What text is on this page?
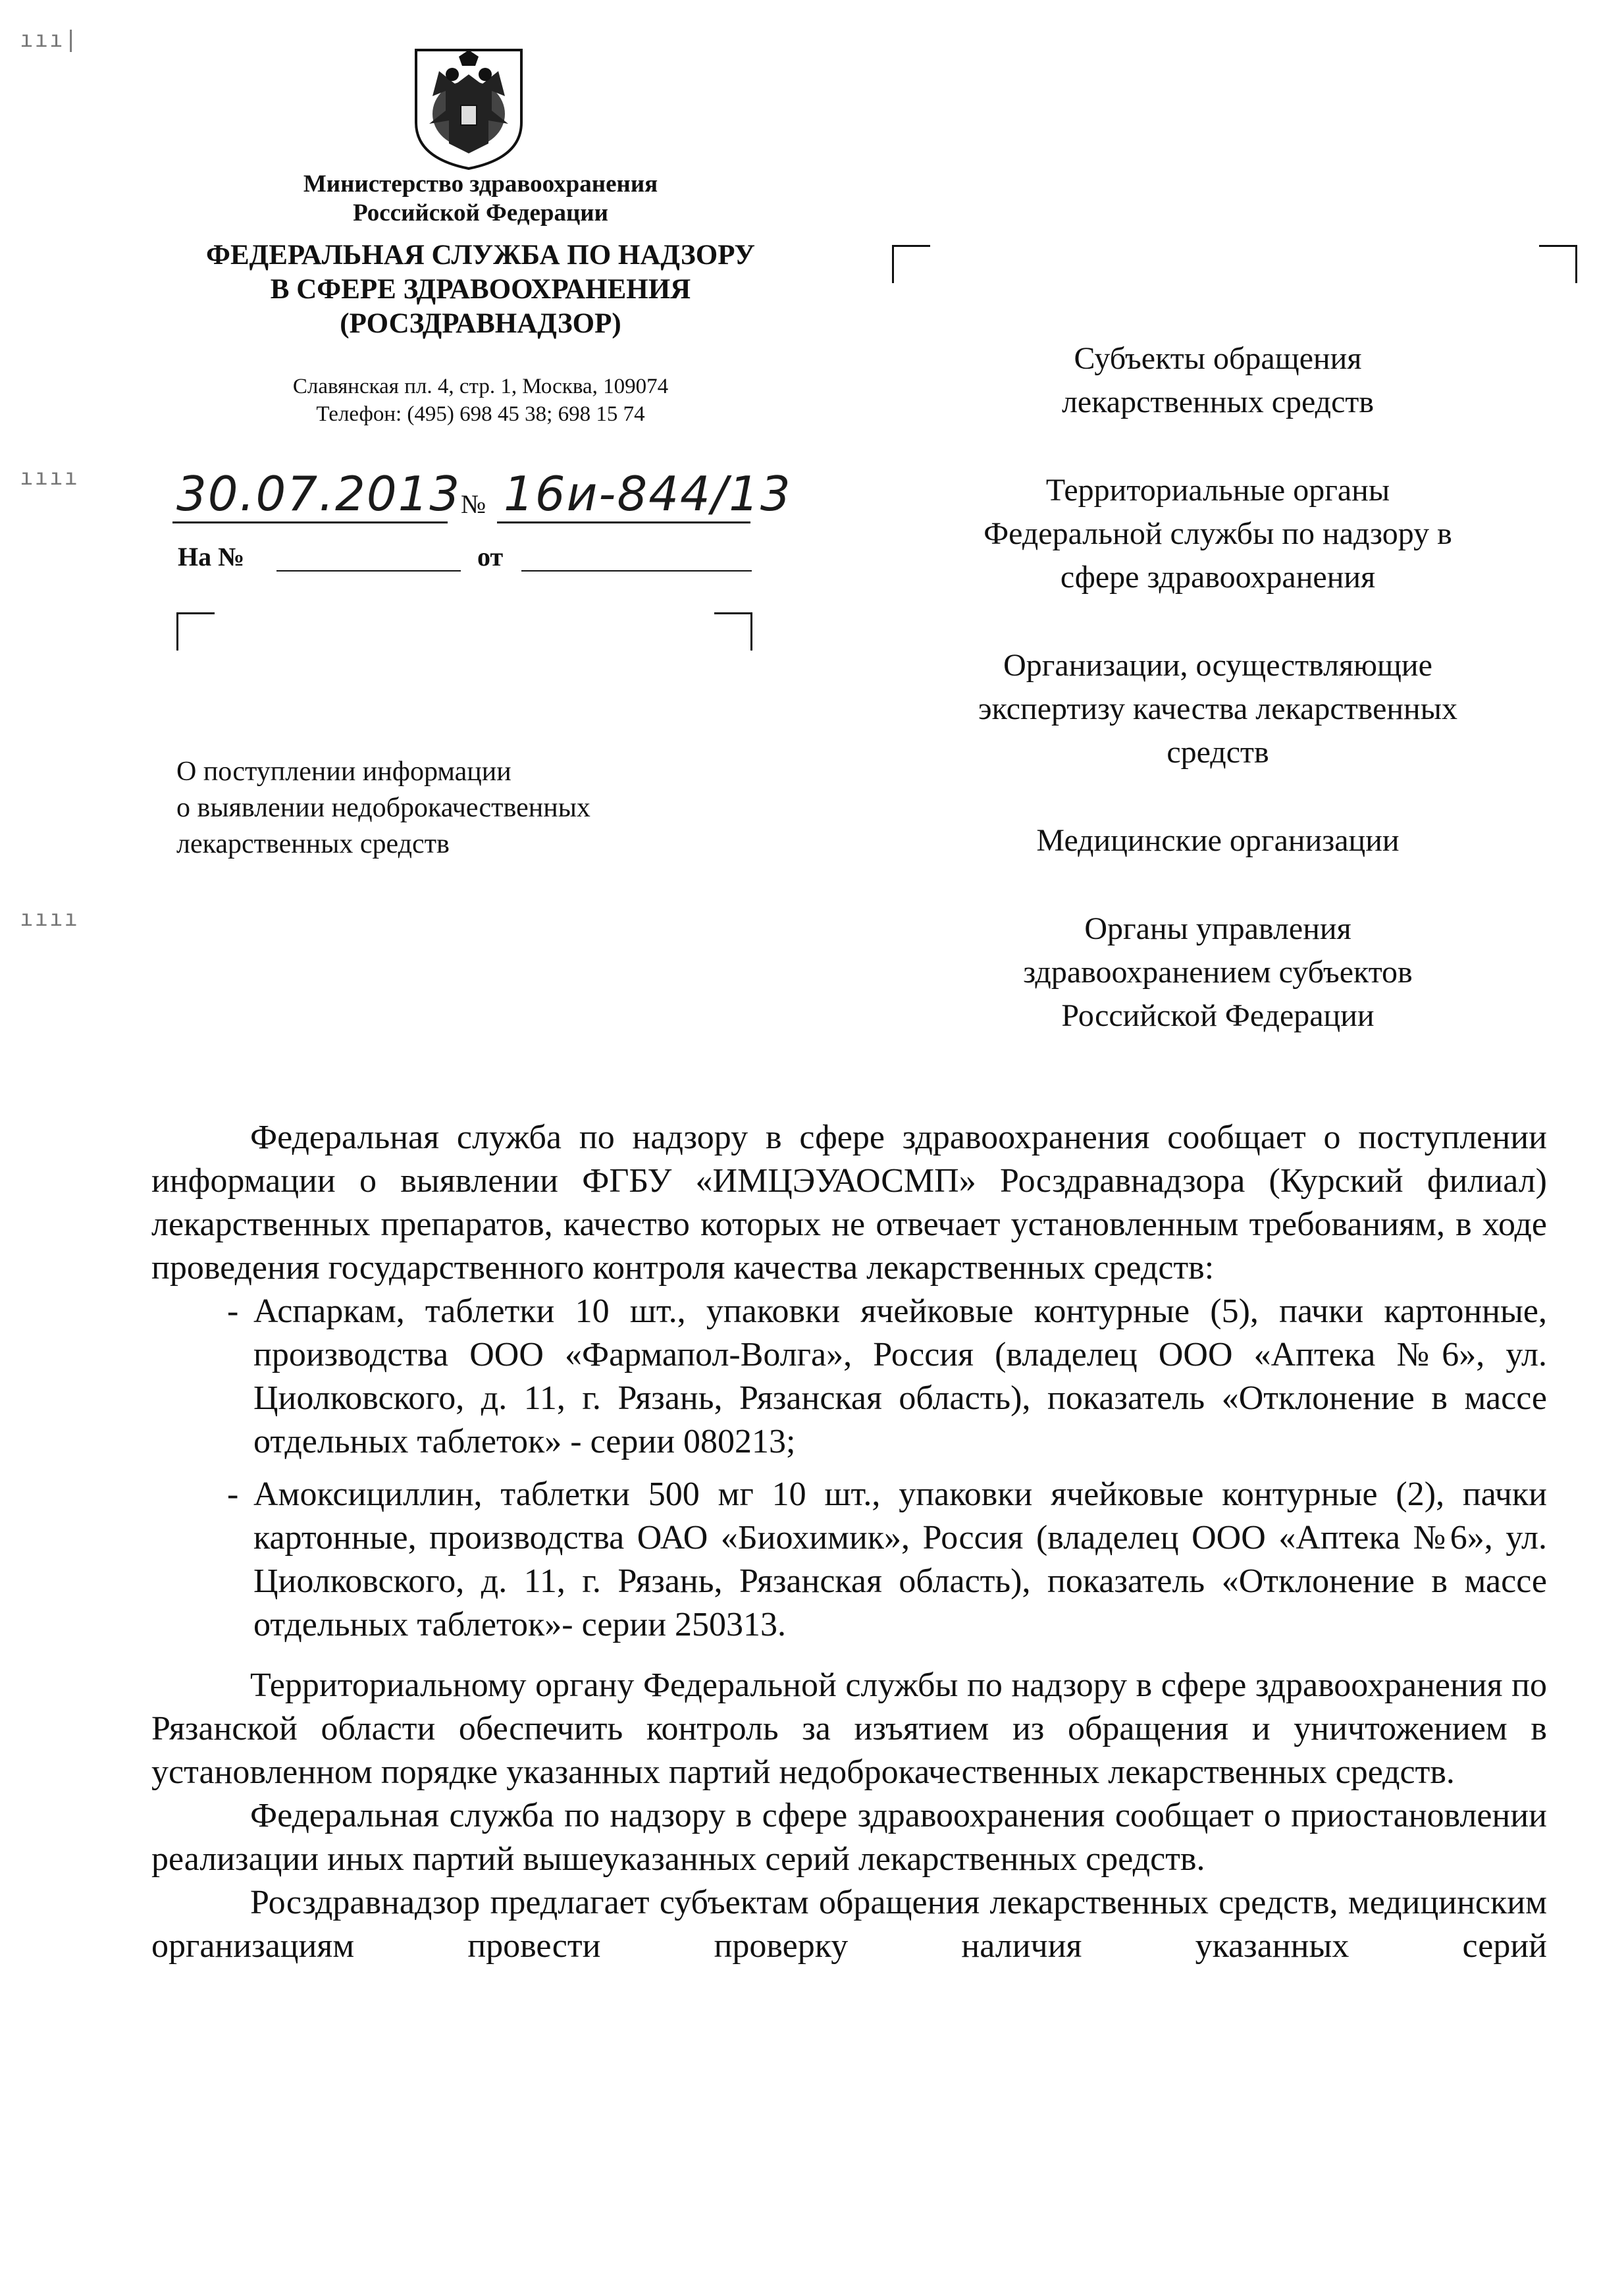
ııı|
ıııı
ıııı
Министерство здравоохранения
Российской Федерации
ФЕДЕРАЛЬНАЯ СЛУЖБА ПО НАДЗОРУ
В СФЕРЕ ЗДРАВООХРАНЕНИЯ
(РОСЗДРАВНАДЗОР)
Славянская пл. 4, стр. 1, Москва, 109074
Телефон: (495) 698 45 38; 698 15 74
30.07.2013 № 16и-844/13
На №	от
О поступлении информации
о выявлении недоброкачественных
лекарственных средств
Субъекты обращения
лекарственных средств
Территориальные органы
Федеральной службы по надзору в
сфере здравоохранения
Организации, осуществляющие
экспертизу качества лекарственных
средств
Медицинские организации
Органы управления
здравоохранением субъектов
Российской Федерации

Федеральная служба по надзору в сфере здравоохранения сообщает о поступлении информации о выявлении ФГБУ «ИМЦЭУАОСМП» Росздравнадзора (Курский филиал) лекарственных препаратов, качество которых не отвечает установленным требованиям, в ходе проведения государственного контроля качества лекарственных средств:

- Аспаркам, таблетки 10 шт., упаковки ячейковые контурные (5), пачки картонные, производства ООО «Фармапол-Волга», Россия (владелец ООО «Аптека №6», ул. Циолковского, д. 11, г. Рязань, Рязанская область), показатель «Отклонение в массе отдельных таблеток» - серии 080213;
- Амоксициллин, таблетки 500 мг 10 шт., упаковки ячейковые контурные (2), пачки картонные, производства ОАО «Биохимик», Россия (владелец ООО «Аптека №6», ул. Циолковского, д. 11, г. Рязань, Рязанская область), показатель «Отклонение в массе отдельных таблеток»- серии 250313.

Территориальному органу Федеральной службы по надзору в сфере здравоохранения по Рязанской области обеспечить контроль за изъятием из обращения и уничтожением в установленном порядке указанных партий недоброкачественных лекарственных средств.

Федеральная служба по надзору в сфере здравоохранения сообщает о приостановлении реализации иных партий вышеуказанных серий лекарственных средств.

Росздравнадзор предлагает субъектам обращения лекарственных средств, медицинским организациям провести проверку наличия указанных серий
